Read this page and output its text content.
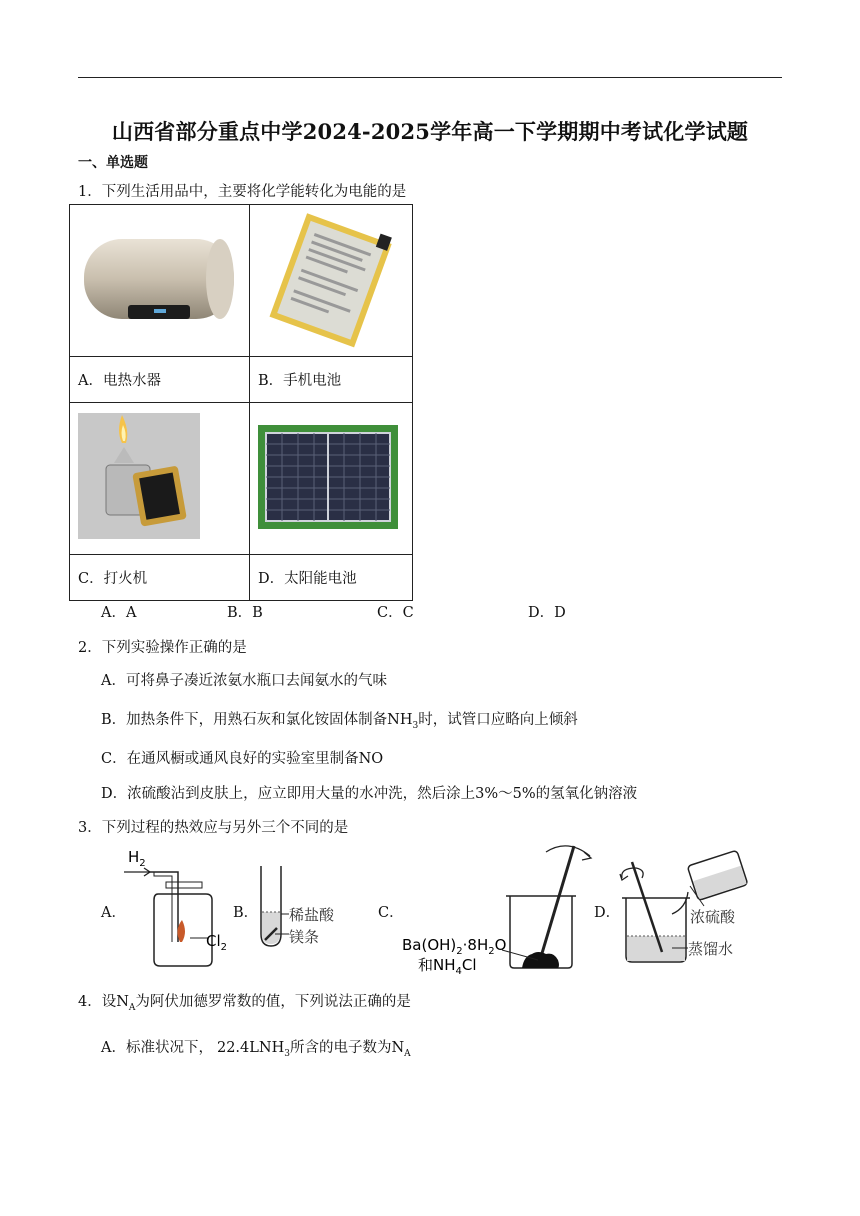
山西省部分重点中学2024-2025学年高一下学期期中考试化学试题
一、单选题
1．下列生活用品中，主要将化学能转化为电能的是

A．电热水器	B．手机电池

C．打火机	D．太阳能电池
A．A	B．B	C．C	D．D
2．下列实验操作正确的是
A．可将鼻子凑近浓氨水瓶口去闻氨水的气味
B．加热条件下，用熟石灰和氯化铵固体制备$NH_3$时，试管口应略向上倾斜
C．在通风橱或通风良好的实验室里制备NO
D．浓硫酸沾到皮肤上，应立即用大量的水冲洗，然后涂上3%～5%的氢氧化钠溶液
3．下列过程的热效应与另外三个不同的是
A．
$H_2$
$Cl_2$
B． 稀盐酸
镁条
C．
$Ba(OH)_2\cdot 8H_2O$
和$NH_4Cl$
D．	浓硫酸
蒸馏水
4．设$N_A$为阿伏加德罗常数的值，下列说法正确的是
A．标准状况下， $22.4LNH_3$所含的电子数为$N_A$
